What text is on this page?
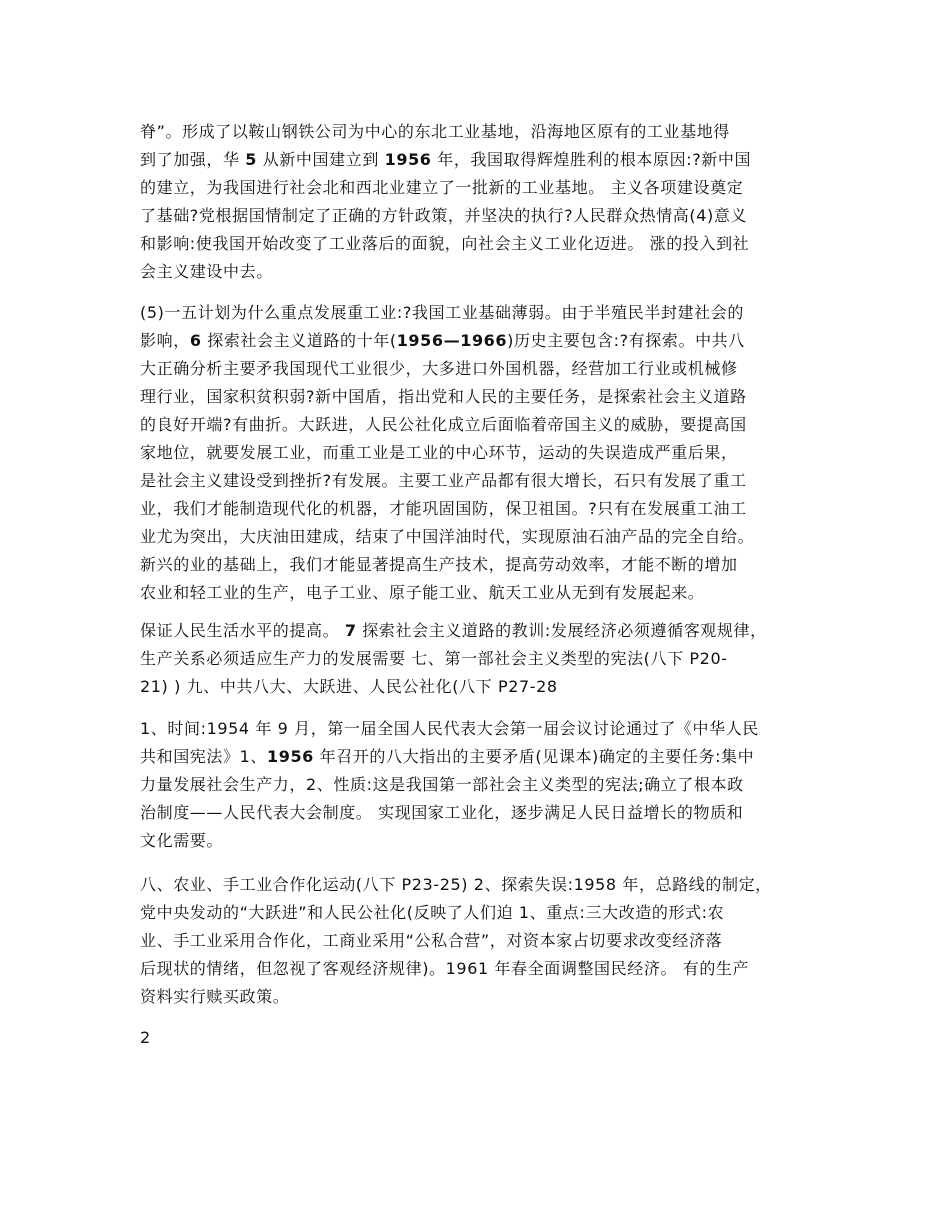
脊”。形成了以鞍山钢铁公司为中心的东北工业基地，沿海地区原有的工业基地得
到了加强，华 5 从新中国建立到 1956 年，我国取得辉煌胜利的根本原因:?新中国
的建立，为我国进行社会北和西北业建立了一批新的工业基地。 主义各项建设奠定
了基础?党根据国情制定了正确的方针政策，并坚决的执行?人民群众热情高(4)意义
和影响:使我国开始改变了工业落后的面貌，向社会主义工业化迈进。 涨的投入到社
会主义建设中去。
(5)一五计划为什么重点发展重工业:?我国工业基础薄弱。由于半殖民半封建社会的
影响，6 探索社会主义道路的十年(1956—1966)历史主要包含:?有探索。中共八
大正确分析主要矛我国现代工业很少，大多进口外国机器，经营加工行业或机械修
理行业，国家积贫积弱?新中国盾，指出党和人民的主要任务，是探索社会主义道路
的良好开端?有曲折。大跃进，人民公社化成立后面临着帝国主义的威胁，要提高国
家地位，就要发展工业，而重工业是工业的中心环节，运动的失误造成严重后果，
是社会主义建设受到挫折?有发展。主要工业产品都有很大增长，石只有发展了重工
业，我们才能制造现代化的机器，才能巩固国防，保卫祖国。?只有在发展重工油工
业尤为突出，大庆油田建成，结束了中国洋油时代，实现原油石油产品的完全自给。
新兴的业的基础上，我们才能显著提高生产技术，提高劳动效率，才能不断的增加
农业和轻工业的生产，电子工业、原子能工业、航天工业从无到有发展起来。
保证人民生活水平的提高。 7 探索社会主义道路的教训:发展经济必须遵循客观规律，
生产关系必须适应生产力的发展需要 七、第一部社会主义类型的宪法(八下 P20-
21) ) 九、中共八大、大跃进、人民公社化(八下 P27-28
1、时间:1954 年 9 月，第一届全国人民代表大会第一届会议讨论通过了《中华人民
共和国宪法》1、1956 年召开的八大指出的主要矛盾(见课本)确定的主要任务:集中
力量发展社会生产力，2、性质:这是我国第一部社会主义类型的宪法;确立了根本政
治制度——人民代表大会制度。 实现国家工业化，逐步满足人民日益增长的物质和
文化需要。
八、农业、手工业合作化运动(八下 P23-25) 2、探索失误:1958 年，总路线的制定，
党中央发动的“大跃进”和人民公社化(反映了人们迫 1、重点:三大改造的形式:农
业、手工业采用合作化，工商业采用“公私合营”，对资本家占切要求改变经济落
后现状的情绪，但忽视了客观经济规律)。1961 年春全面调整国民经济。 有的生产
资料实行赎买政策。
2
